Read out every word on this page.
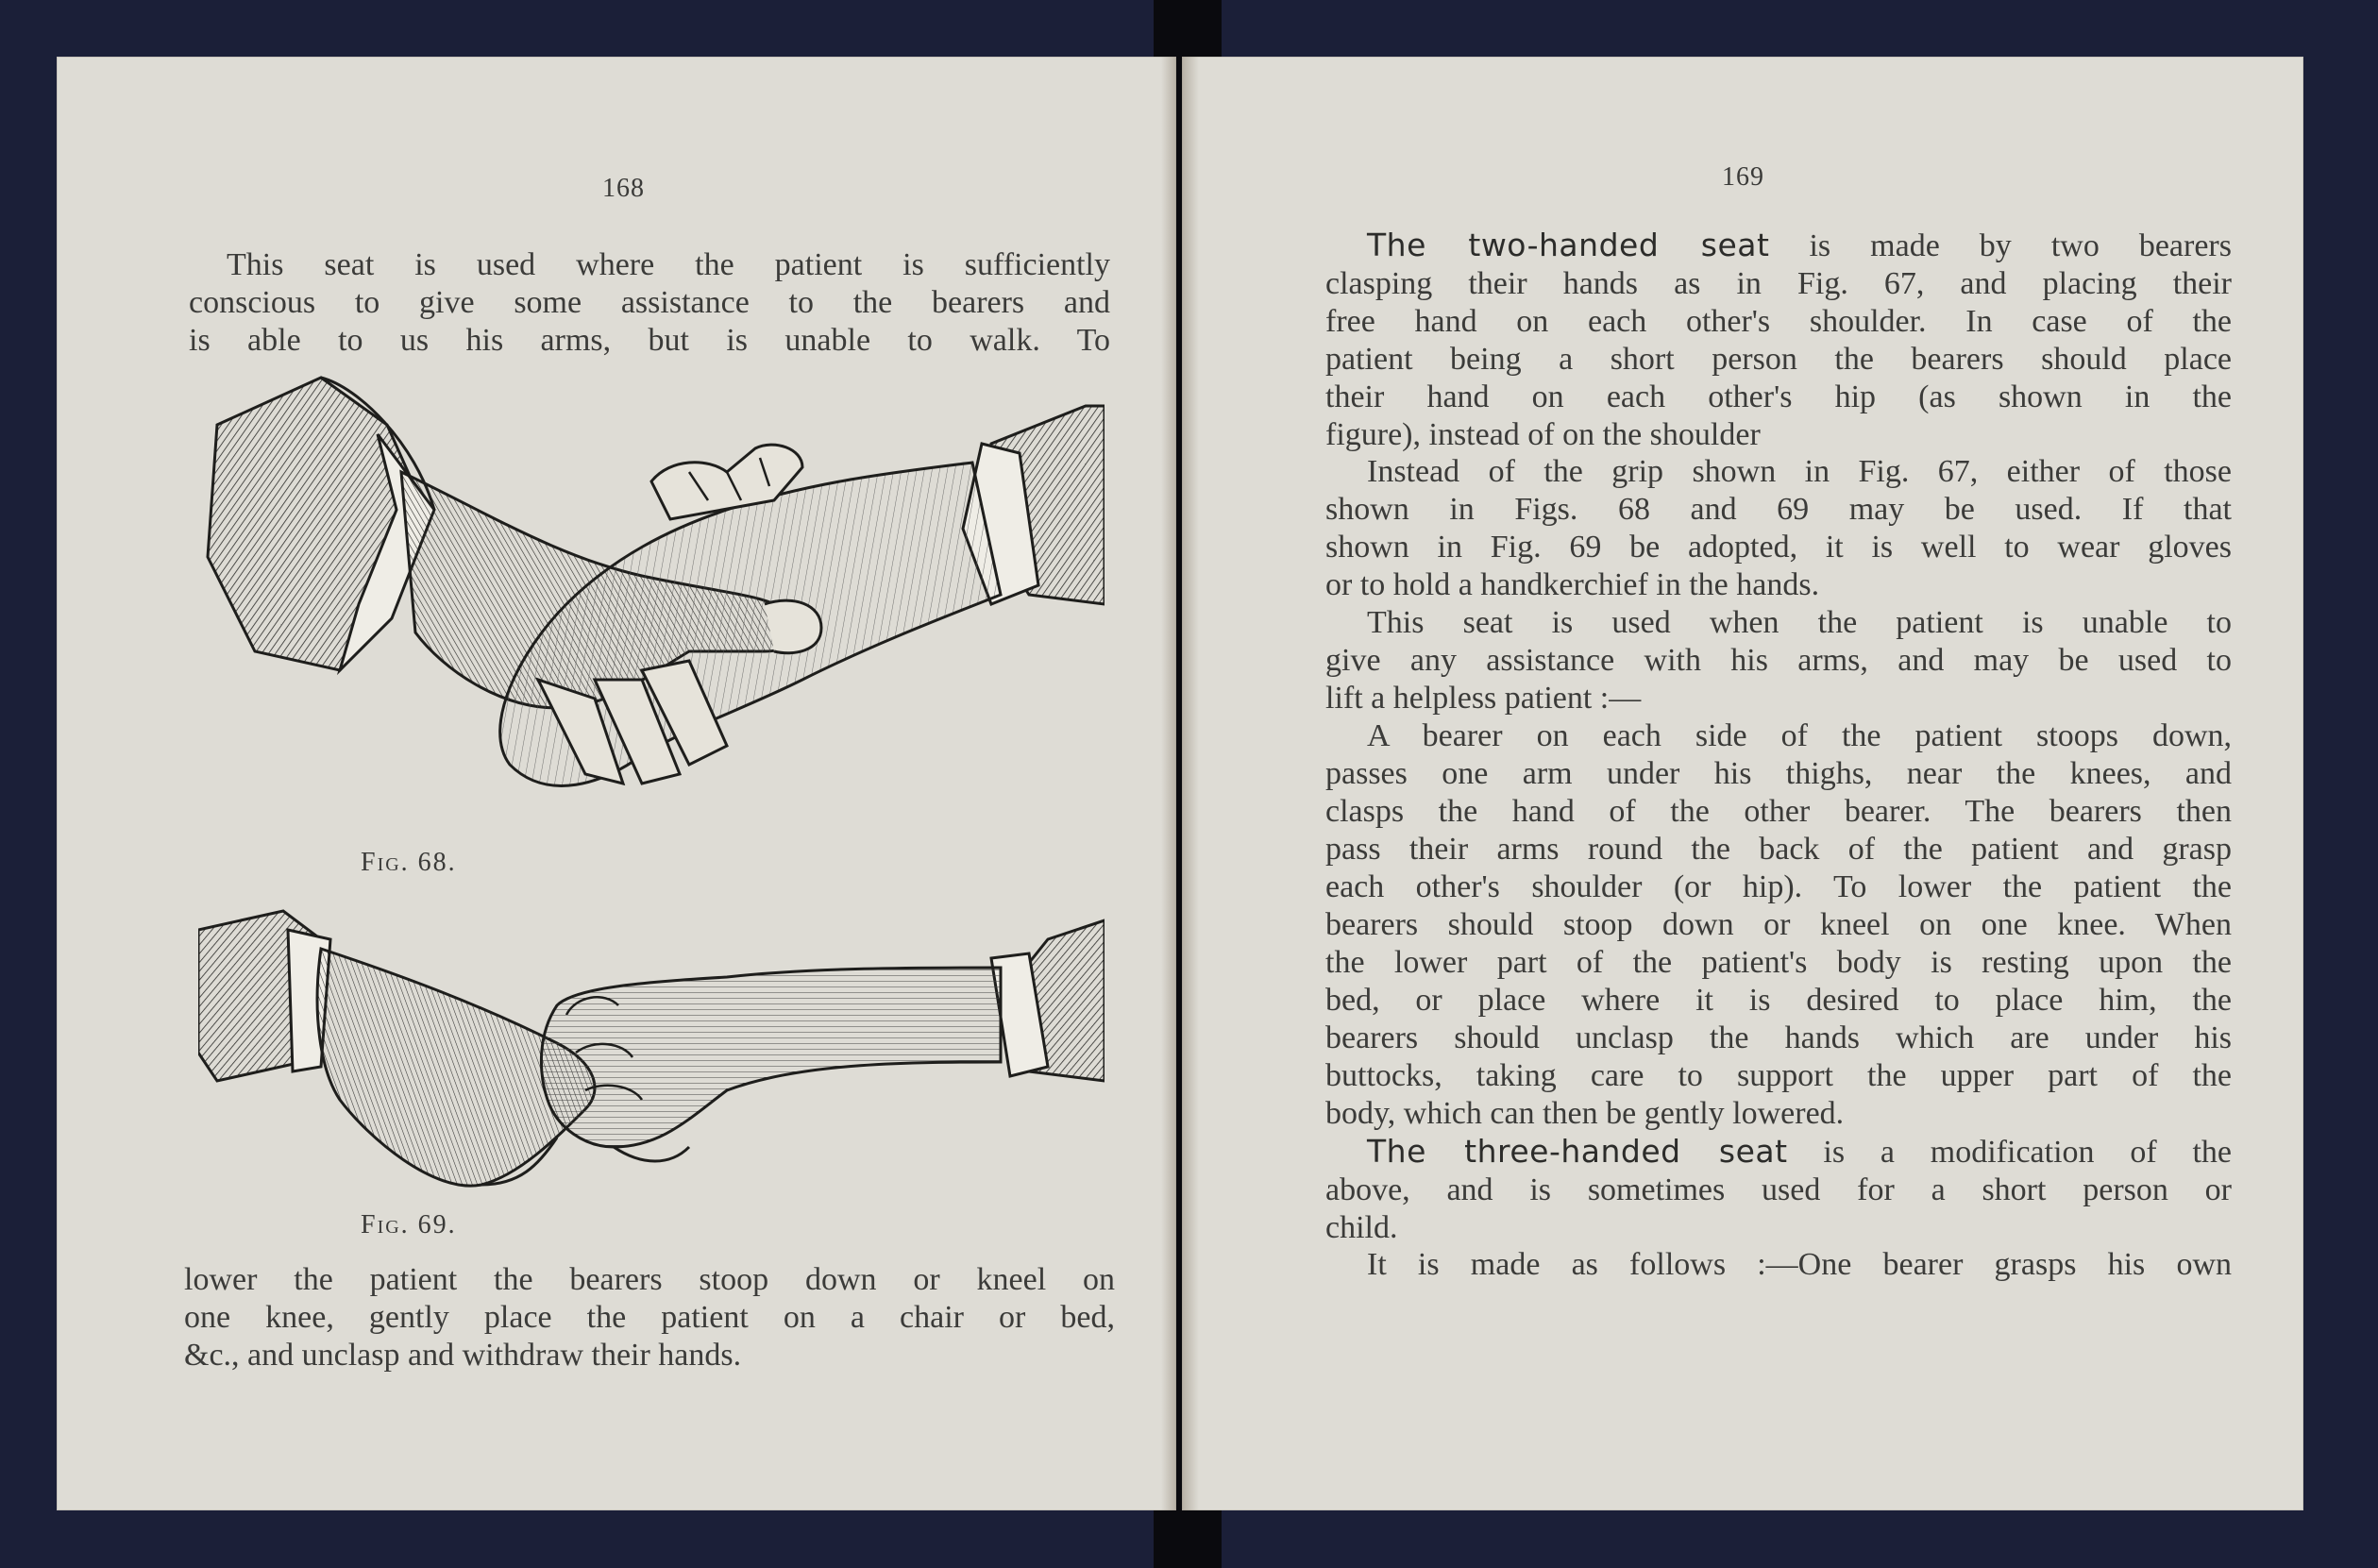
168
This seat is used where the patient is sufficiently
conscious to give some assistance to the bearers and
is able to us his arms, but is unable to walk. To
Fig. 68.
Fig. 69.
lower the patient the bearers stoop down or kneel on
one knee, gently place the patient on a chair or bed,
&c., and unclasp and withdraw their hands.
169
The two-handed seat is made by two bearers
clasping their hands as in Fig. 67, and placing their
free hand on each other's shoulder. In case of the
patient being a short person the bearers should place
their hand on each other's hip (as shown in the
figure), instead of on the shoulder
Instead of the grip shown in Fig. 67, either of those
shown in Figs. 68 and 69 may be used. If that
shown in Fig. 69 be adopted, it is well to wear gloves
or to hold a handkerchief in the hands.
This seat is used when the patient is unable to
give any assistance with his arms, and may be used to
lift a helpless patient :—
A bearer on each side of the patient stoops down,
passes one arm under his thighs, near the knees, and
clasps the hand of the other bearer. The bearers then
pass their arms round the back of the patient and grasp
each other's shoulder (or hip). To lower the patient the
bearers should stoop down or kneel on one knee. When
the lower part of the patient's body is resting upon the
bed, or place where it is desired to place him, the
bearers should unclasp the hands which are under his
buttocks, taking care to support the upper part of the
body, which can then be gently lowered.
The three-handed seat is a modification of the
above, and is sometimes used for a short person or
child.
It is made as follows :—One bearer grasps his own
